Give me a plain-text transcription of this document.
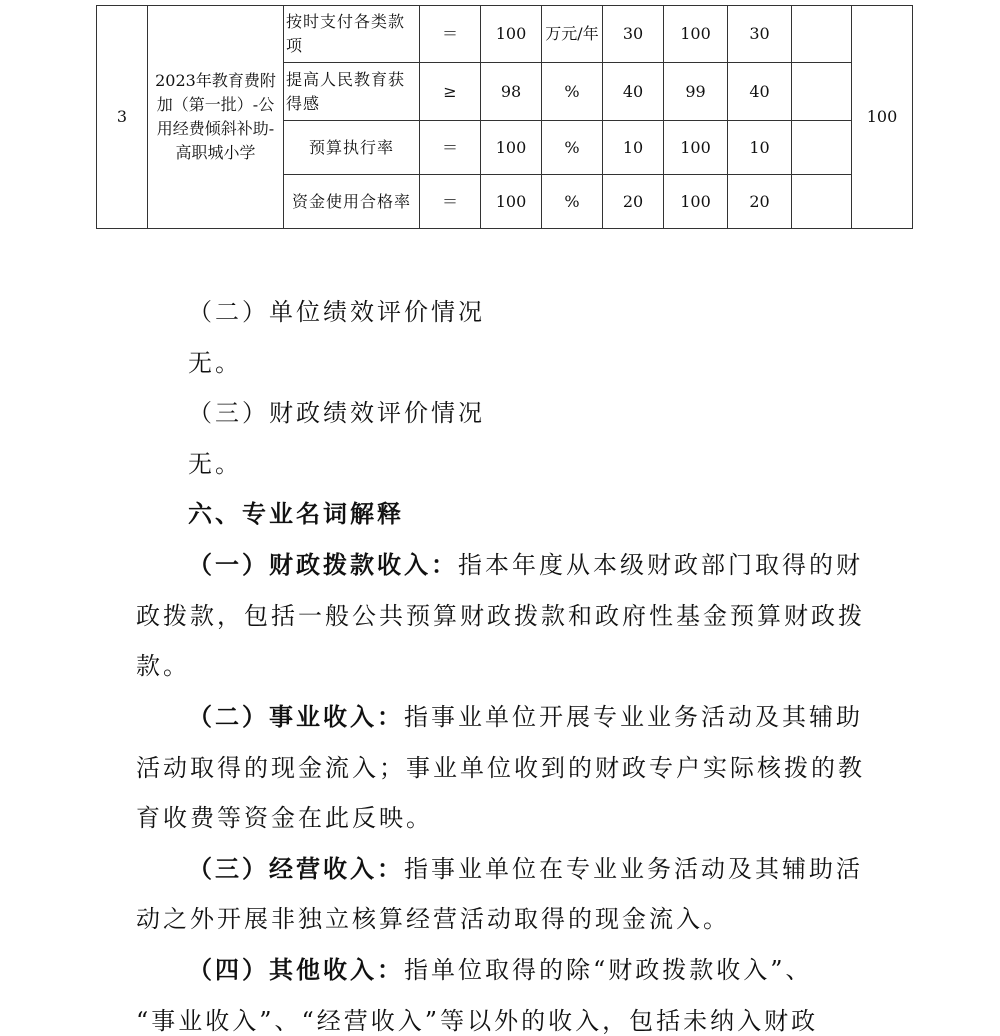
3	2023年教育费附加（第一批）-公用经费倾斜补助-高职城小学	按时支付各类款项	＝	100	万元/年	30	100	30		100
		提高人民教育获得感	≥	98	%	40	99	40		
		预算执行率	＝	100	%	10	100	10		
		资金使用合格率	＝	100	%	20	100	20		
（二）单位绩效评价情况
无。
（三）财政绩效评价情况
无。
六、专业名词解释
（一）财政拨款收入：指本年度从本级财政部门取得的财
政拨款，包括一般公共预算财政拨款和政府性基金预算财政拨
款。
（二）事业收入：指事业单位开展专业业务活动及其辅助
活动取得的现金流入；事业单位收到的财政专户实际核拨的教
育收费等资金在此反映。
（三）经营收入：指事业单位在专业业务活动及其辅助活
动之外开展非独立核算经营活动取得的现金流入。
（四）其他收入：指单位取得的除“财政拨款收入”、
“事业收入”、“经营收入”等以外的收入，包括未纳入财政
